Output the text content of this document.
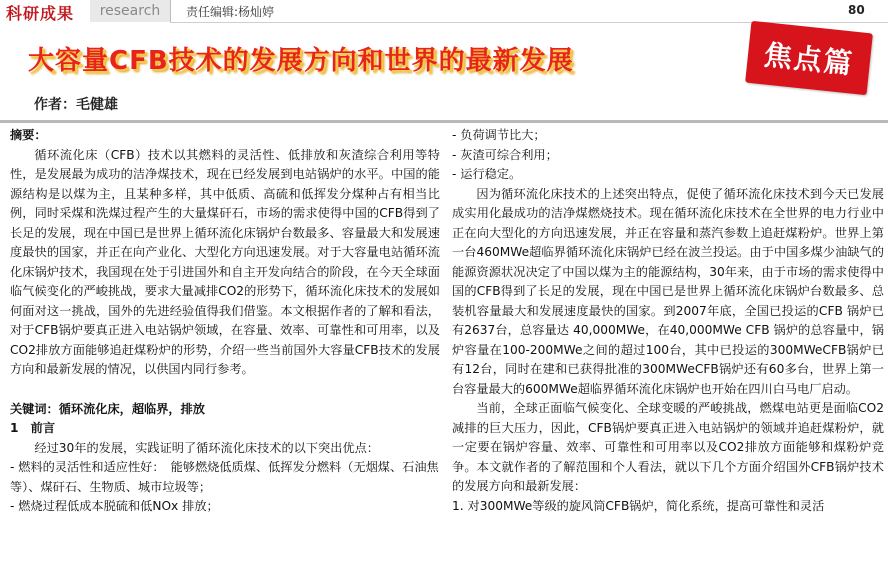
科研成果 research 责任编辑:杨灿婷	80
大容量CFB技术的发展方向和世界的最新发展	焦点篇
作者：毛健雄

摘要：

循环流化床（CFB）技术以其燃料的灵活性、低排放和灰渣综合利用等特性，是发展最为成功的洁净煤技术，现在已经发展到电站锅炉的水平。中国的能源结构是以煤为主，且某种多样，其中低质、高硫和低挥发分煤种占有相当比例，同时采煤和洗煤过程产生的大量煤矸石，市场的需求使得中国的CFB得到了长足的发展，现在中国已是世界上循环流化床锅炉台数最多、容量最大和发展速度最快的国家，并正在向产业化、大型化方向迅速发展。对于大容量电站循环流化床锅炉技术，我国现在处于引进国外和自主开发向结合的阶段，在今天全球面临气候变化的严峻挑战，要求大量减排CO2的形势下，循环流化床技术的发展如何面对这一挑战，国外的先进经验值得我们借鉴。本文根据作者的了解和看法，对于CFB锅炉要真正进入电站锅炉领域，在容量、效率、可靠性和可用率，以及CO2排放方面能够追赶煤粉炉的形势，介绍一些当前国外大容量CFB技术的发展方向和最新发展的情况，以供国内同行参考。

关键词：循环流化床，超临界，排放

1　前言

经过30年的发展，实践证明了循环流化床技术的以下突出优点：

- 燃料的灵活性和适应性好：　能够燃烧低质煤、低挥发分燃料（无烟煤、石油焦等）、煤矸石、生物质、城市垃圾等；

- 燃烧过程低成本脱硫和低NOx 排放；

- 负荷调节比大；

- 灰渣可综合利用；

- 运行稳定。

因为循环流化床技术的上述突出特点，促使了循环流化床技术到今天已发展成实用化最成功的洁净煤燃烧技术。现在循环流化床技术在全世界的电力行业中正在向大型化的方向迅速发展，并正在容量和蒸汽参数上追赶煤粉炉。世界上第一台460MWe超临界循环流化床锅炉已经在波兰投运。由于中国多煤少油缺气的能源资源状况决定了中国以煤为主的能源结构，30年来，由于市场的需求使得中国的CFB得到了长足的发展，现在中国已是世界上循环流化床锅炉台数最多、总装机容量最大和发展速度最快的国家。到2007年底，全国已投运的CFB 锅炉已有2637台，总容量达 40,000MWe，在40,000MWe CFB 锅炉的总容量中，锅炉容量在100-200MWe之间的超过100台，其中已投运的300MWeCFB锅炉已有12台，同时在建和已获得批准的300MWeCFB锅炉还有60多台，世界上第一台容量最大的600MWe超临界循环流化床锅炉也开始在四川白马电厂启动。

当前，全球正面临气候变化、全球变暖的严峻挑战，燃煤电站更是面临CO2减排的巨大压力，因此，CFB锅炉要真正进入电站锅炉的领域并追赶煤粉炉，就一定要在锅炉容量、效率、可靠性和可用率以及CO2排放方面能够和煤粉炉竞争。本文就作者的了解范围和个人看法，就以下几个方面介绍国外CFB锅炉技术的发展方向和最新发展：

1. 对300MWe等级的旋风筒CFB锅炉，简化系统，提高可靠性和灵活
